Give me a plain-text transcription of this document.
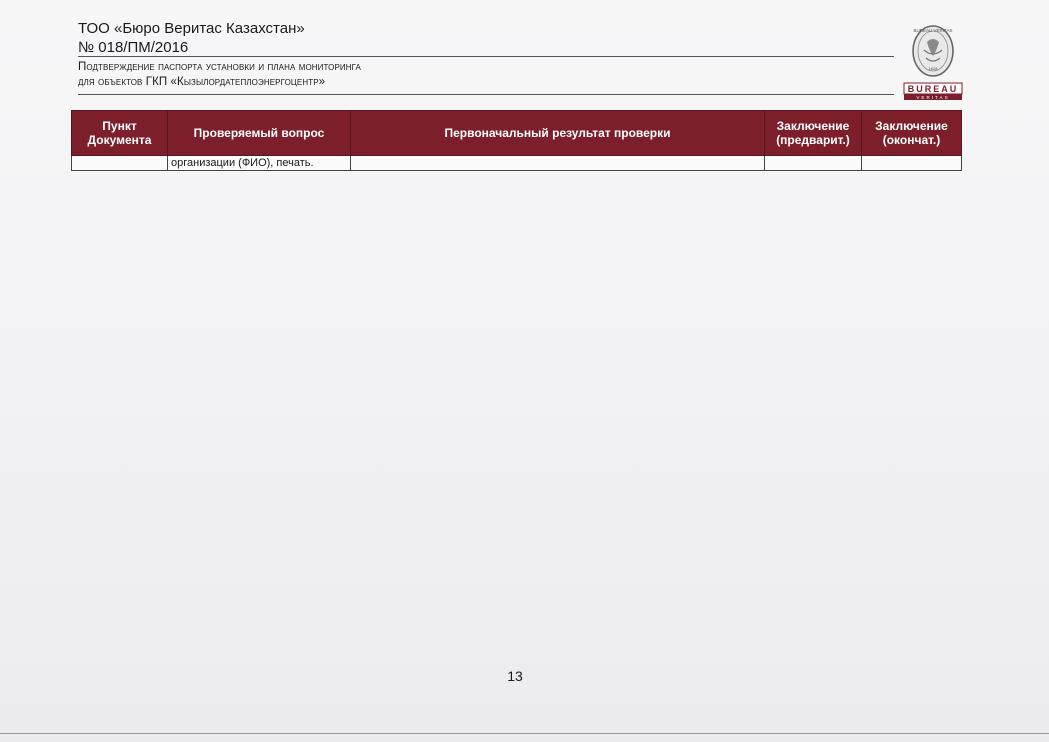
ТОО «Бюро Веритас Казахстан»
№ 018/ПМ/2016
Подтверждение паспорта установки и плана мониторинга
для объектов ГКП «Кызылордатеплоэнергоцентр»
BUREAU VERITAS
1828
BUREAU
VERITAS
Пункт Документа	Проверяемый вопрос	Первоначальный результат проверки	Заключение (предварит.)	Заключение (окончат.)
	организации (ФИО), печать.			
13
